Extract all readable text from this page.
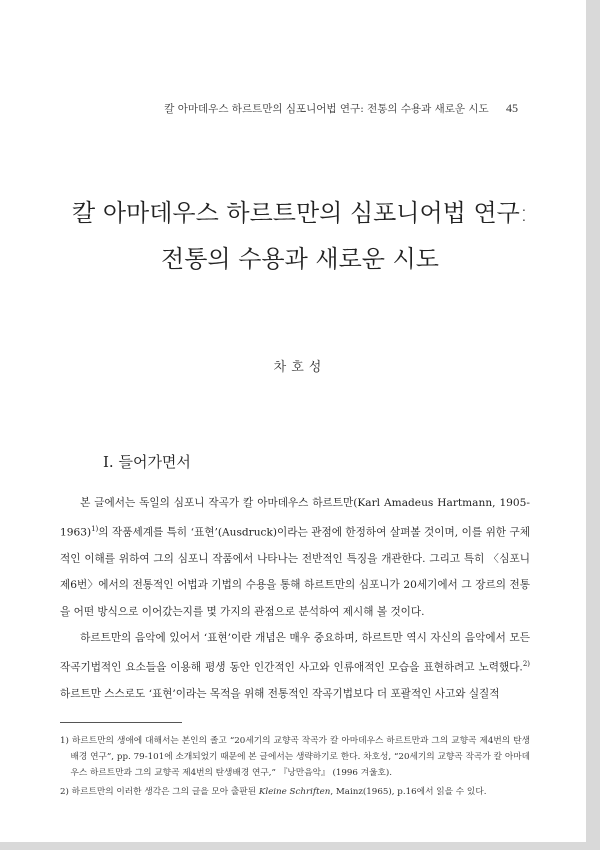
칼 아마데우스 하르트만의 심포니어법 연구: 전통의 수용과 새로운 시도 45
칼 아마데우스 하르트만의 심포니어법 연구:
전통의 수용과 새로운 시도
차호성
I. 들어가면서

본 글에서는 독일의 심포니 작곡가 칼 아마데우스 하르트만(Karl Amadeus Hartmann, 1905-1963)$^{1)}$의 작품세계를 특히 ‘표현’(Ausdruck)이라는 관점에 한정하여 살펴볼 것이며, 이를 위한 구체적인 이해를 위하여 그의 심포니 작품에서 나타나는 전반적인 특징을 개관한다. 그리고 특히 〈심포니 제6번〉에서의 전통적인 어법과 기법의 수용을 통해 하르트만의 심포니가 20세기에서 그 장르의 전통을 어떤 방식으로 이어갔는지를 몇 가지의 관점으로 분석하여 제시해 볼 것이다.

하르트만의 음악에 있어서 ‘표현’이란 개념은 매우 중요하며, 하르트만 역시 자신의 음악에서 모든 작곡기법적인 요소들을 이용해 평생 동안 인간적인 사고와 인류애적인 모습을 표현하려고 노력했다.$^{2)}$ 하르트만 스스로도 ‘표현’이라는 목적을 위해 전통적인 작곡기법보다 더 포괄적인 사고와 실질적

1) 하르트만의 생애에 대해서는 본인의 졸고 “20세기의 교향곡 작곡가 칼 아마데우스 하르트만과 그의 교향곡 제4번의 탄생배경 연구”, pp. 79-101에 소개되었기 때문에 본 글에서는 생략하기로 한다. 차호성, “20세기의 교향곡 작곡가 칼 아마데우스 하르트만과 그의 교향곡 제4번의 탄생배경 연구,” 『낭만음악』 (1996 겨울호).

2) 하르트만의 이러한 생각은 그의 글을 모아 출판된 Kleine Schriften, Mainz(1965), p.16에서 읽을 수 있다.
